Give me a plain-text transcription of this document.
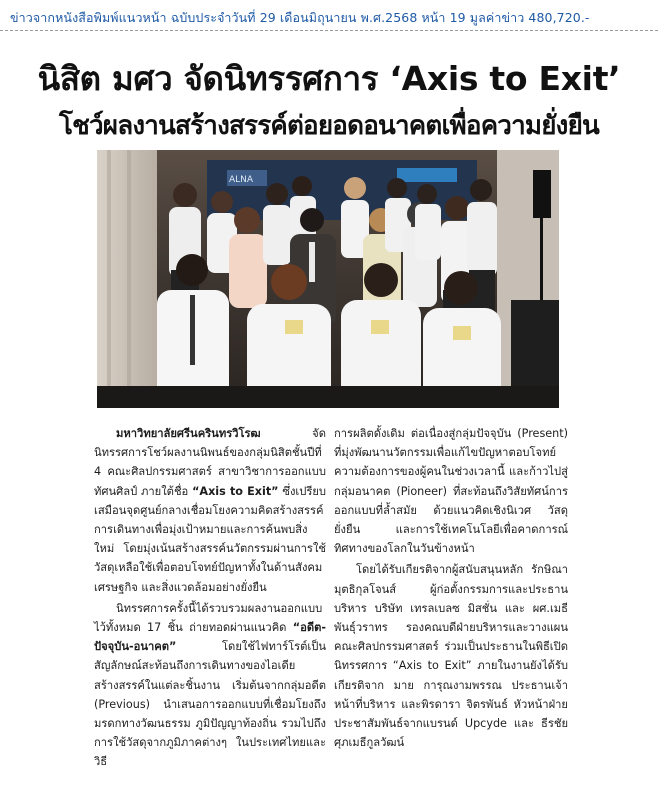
ข่าวจากหนังสือพิมพ์แนวหน้า ฉบับประจำวันที่ 29 เดือนมิถุนายน พ.ศ.2568 หน้า 19 มูลค่าข่าว 480,720.-
นิสิต มศว จัดนิทรรศการ ‘Axis to Exit’
โชว์ผลงานสร้างสรรค์ต่อยอดอนาคตเพื่อความยั่งยืน
ALNA

มหาวิทยาลัยศรีนครินทรวิโรฒ จัดนิทรรศการโชว์ผลงานนิพนธ์ของกลุ่มนิสิตชั้นปีที่ 4 คณะศิลปกรรมศาสตร์ สาขาวิชาการออกแบบทัศนศิลป์ ภายใต้ชื่อ “Axis to Exit” ซึ่งเปรียบเสมือนจุดศูนย์กลางเชื่อมโยงความคิดสร้างสรรค์การเดินทางเพื่อมุ่งเป้าหมายและการค้นพบสิ่งใหม่ โดยมุ่งเน้นสร้างสรรค์นวัตกรรมผ่านการใช้วัสดุเหลือใช้เพื่อตอบโจทย์ปัญหาทั้งในด้านสังคม เศรษฐกิจ และสิ่งแวดล้อมอย่างยั่งยืน

นิทรรศการครั้งนี้ได้รวบรวมผลงานออกแบบไว้ทั้งหมด 17 ชิ้น ถ่ายทอดผ่านแนวคิด “อดีต-ปัจจุบัน-อนาคต” โดยใช้ไฟทาร์โรต์เป็นสัญลักษณ์สะท้อนถึงการเดินทางของไอเดียสร้างสรรค์ในแต่ละชิ้นงาน เริ่มต้นจากกลุ่มอดีต (Previous) นำเสนอการออกแบบที่เชื่อมโยงถึงมรดกทางวัฒนธรรม ภูมิปัญญาท้องถิ่น รวมไปถึงการใช้วัสดุจากภูมิภาคต่างๆ ในประเทศไทยและวิธี

การผลิตดั้งเดิม ต่อเนื่องสู่กลุ่มปัจจุบัน (Present) ที่มุ่งพัฒนานวัตกรรมเพื่อแก้ไขปัญหาตอบโจทย์ความต้องการของผู้คนในช่วงเวลานี้ และก้าวไปสู่กลุ่มอนาคต (Pioneer) ที่สะท้อนถึงวิสัยทัศน์การออกแบบที่ล้ำสมัย ด้วยแนวคิดเชิงนิเวศ วัสดุยั่งยืน และการใช้เทคโนโลยีเพื่อคาดการณ์ทิศทางของโลกในวันข้างหน้า

โดยได้รับเกียรติจากผู้สนับสนุนหลัก รักษิณา มุตธิกุลโจนส์ ผู้ก่อตั้งกรรมการและประธานบริหาร บริษัท เทรลเบลซ มิสชั่น และ ผศ.เมธี พันธุ์วราทร รองคณบดีฝ่ายบริหารและวางแผนคณะศิลปกรรมศาสตร์ ร่วมเป็นประธานในพิธีเปิดนิทรรศการ “Axis to Exit” ภายในงานยังได้รับเกียรติจาก มาย การุณงามพรรณ ประธานเจ้าหน้าที่บริหาร และพิรดารา จิตรพันธ์ หัวหน้าฝ่ายประชาสัมพันธ์จากแบรนด์ Upcyde และ ธีรชัย ศุภเมธีกูลวัฒน์
